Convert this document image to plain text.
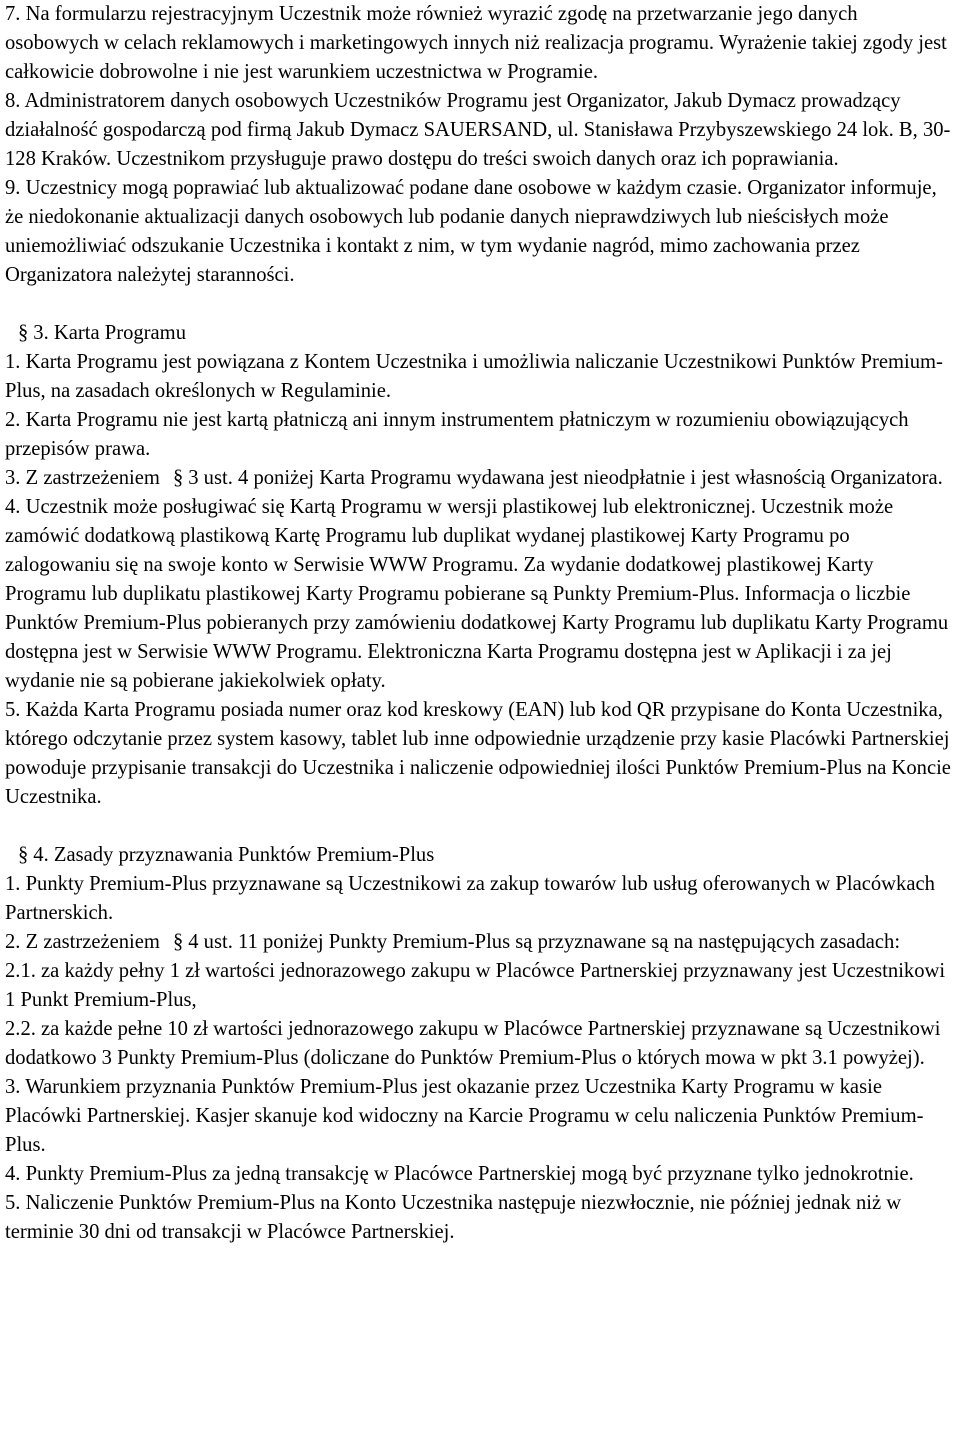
7. Na formularzu rejestracyjnym Uczestnik może również wyrazić zgodę na przetwarzanie jego danych osobowych w celach reklamowych i marketingowych innych niż realizacja programu. Wyrażenie takiej zgody jest całkowicie dobrowolne i nie jest warunkiem uczestnictwa w Programie.

8. Administratorem danych osobowych Uczestników Programu jest Organizator, Jakub Dymacz prowadzący działalność gospodarczą pod firmą Jakub Dymacz SAUERSAND, ul. Stanisława Przybyszewskiego 24 lok. B, 30-128 Kraków. Uczestnikom przysługuje prawo dostępu do treści swoich danych oraz ich poprawiania.

9. Uczestnicy mogą poprawiać lub aktualizować podane dane osobowe w każdym czasie. Organizator informuje, że niedokonanie aktualizacji danych osobowych lub podanie danych nieprawdziwych lub nieścisłych może uniemożliwiać odszukanie Uczestnika i kontakt z nim, w tym wydanie nagród, mimo zachowania przez Organizatora należytej staranności.

§ 3. Karta Programu

1. Karta Programu jest powiązana z Kontem Uczestnika i umożliwia naliczanie Uczestnikowi Punktów Premium-Plus, na zasadach określonych w Regulaminie.

2. Karta Programu nie jest kartą płatniczą ani innym instrumentem płatniczym w rozumieniu obowiązujących przepisów prawa.

3. Z zastrzeżeniem § 3 ust. 4 poniżej Karta Programu wydawana jest nieodpłatnie i jest własnością Organizatora.

4. Uczestnik może posługiwać się Kartą Programu w wersji plastikowej lub elektronicznej. Uczestnik może zamówić dodatkową plastikową Kartę Programu lub duplikat wydanej plastikowej Karty Programu po zalogowaniu się na swoje konto w Serwisie WWW Programu. Za wydanie dodatkowej plastikowej Karty Programu lub duplikatu plastikowej Karty Programu pobierane są Punkty Premium-Plus. Informacja o liczbie Punktów Premium-Plus pobieranych przy zamówieniu dodatkowej Karty Programu lub duplikatu Karty Programu dostępna jest w Serwisie WWW Programu. Elektroniczna Karta Programu dostępna jest w Aplikacji i za jej wydanie nie są pobierane jakiekolwiek opłaty.

5. Każda Karta Programu posiada numer oraz kod kreskowy (EAN) lub kod QR przypisane do Konta Uczestnika, którego odczytanie przez system kasowy, tablet lub inne odpowiednie urządzenie przy kasie Placówki Partnerskiej powoduje przypisanie transakcji do Uczestnika i naliczenie odpowiedniej ilości Punktów Premium-Plus na Koncie Uczestnika.

§ 4. Zasady przyznawania Punktów Premium-Plus

1. Punkty Premium-Plus przyznawane są Uczestnikowi za zakup towarów lub usług oferowanych w Placówkach Partnerskich.

2. Z zastrzeżeniem § 4 ust. 11 poniżej Punkty Premium-Plus są przyznawane są na następujących zasadach:

2.1. za każdy pełny 1 zł wartości jednorazowego zakupu w Placówce Partnerskiej przyznawany jest Uczestnikowi 1 Punkt Premium-Plus,

2.2. za każde pełne 10 zł wartości jednorazowego zakupu w Placówce Partnerskiej przyznawane są Uczestnikowi dodatkowo 3 Punkty Premium-Plus (doliczane do Punktów Premium-Plus o których mowa w pkt 3.1 powyżej).

3. Warunkiem przyznania Punktów Premium-Plus jest okazanie przez Uczestnika Karty Programu w kasie Placówki Partnerskiej. Kasjer skanuje kod widoczny na Karcie Programu w celu naliczenia Punktów Premium-Plus.

4. Punkty Premium-Plus za jedną transakcję w Placówce Partnerskiej mogą być przyznane tylko jednokrotnie.

5. Naliczenie Punktów Premium-Plus na Konto Uczestnika następuje niezwłocznie, nie później jednak niż w terminie 30 dni od transakcji w Placówce Partnerskiej.
